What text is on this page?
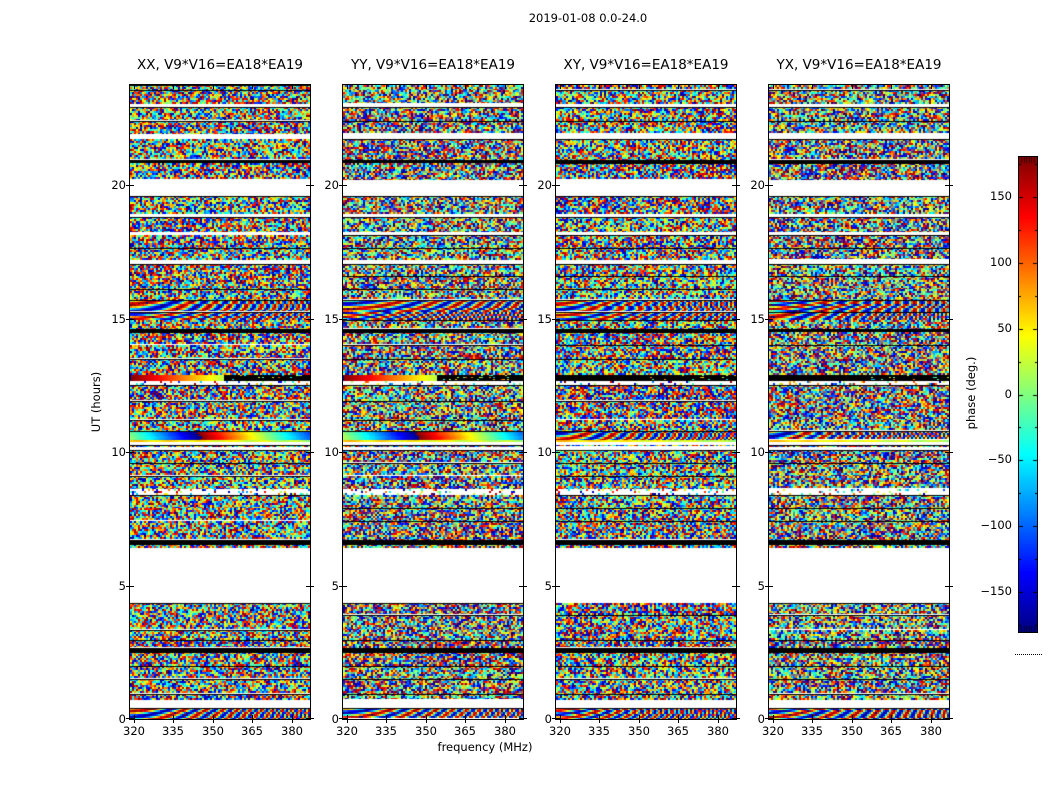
2019-01-08 0.0-24.0
frequency (MHz)
UT (hours)	phase (deg.)
XX, V9*V16=EA18*EA19
0
5
10
15
20
320	335	350	365	380
YY, V9*V16=EA18*EA19
0
5
10
15
20
320	335	350	365	380
XY, V9*V16=EA18*EA19
0
5
10
15
20
320	335	350	365	380
YX, V9*V16=EA18*EA19
0
5
10
15
20
320	335	350	365	380
150
100
50
0
−50
−100
−150
